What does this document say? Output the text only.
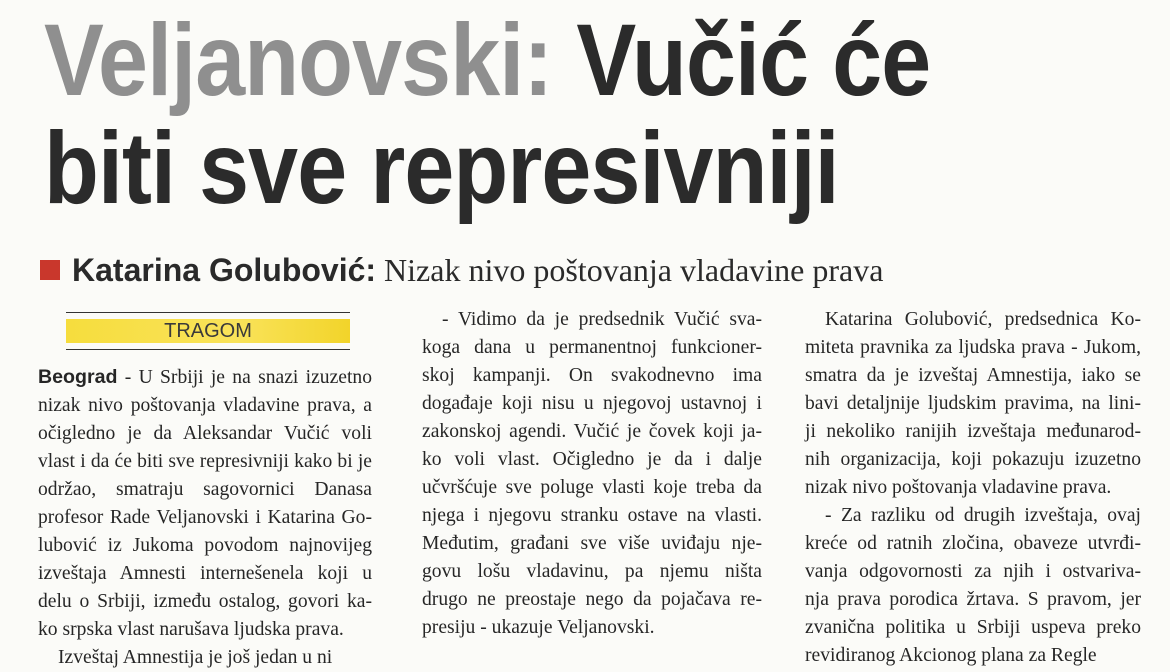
Veljanovski: Vučić će
biti sve represivniji
Katarina Golubović: Nizak nivo poštovanja vladavine prava
TRAGOM
Beograd - U Srbiji je na snazi izuzetno
nizak nivo poštovanja vladavine prava, a
očigledno je da Aleksandar Vučić voli
vlast i da će biti sve represivniji kako bi je
održao, smatraju sagovornici Danasa
profesor Rade Veljanovski i Katarina Go-
lubović iz Jukoma povodom najnovijeg
izveštaja Amnesti internešenela koji u
delu o Srbiji, između ostalog, govori ka-
ko srpska vlast narušava ljudska prava.
Izveštaj Amnestija je još jedan u ni
- Vidimo da je predsednik Vučić sva-
koga dana u permanentnoj funkcioner-
skoj kampanji. On svakodnevno ima
događaje koji nisu u njegovoj ustavnoj i
zakonskoj agendi. Vučić je čovek koji ja-
ko voli vlast. Očigledno je da i dalje
učvršćuje sve poluge vlasti koje treba da
njega i njegovu stranku ostave na vlasti.
Međutim, građani sve više uviđaju nje-
govu lošu vladavinu, pa njemu ništa
drugo ne preostaje nego da pojačava re-
presiju - ukazuje Veljanovski.
Katarina Golubović, predsednica Ko-
miteta pravnika za ljudska prava - Jukom,
smatra da je izveštaj Amnestija, iako se
bavi detaljnije ljudskim pravima, na lini-
ji nekoliko ranijih izveštaja međunarod-
nih organizacija, koji pokazuju izuzetno
nizak nivo poštovanja vladavine prava.
- Za razliku od drugih izveštaja, ovaj
kreće od ratnih zločina, obaveze utvrđi-
vanja odgovornosti za njih i ostvariva-
nja prava porodica žrtava. S pravom, jer
zvanična politika u Srbiji uspeva preko
revidiranog Akcionog plana za Regle
